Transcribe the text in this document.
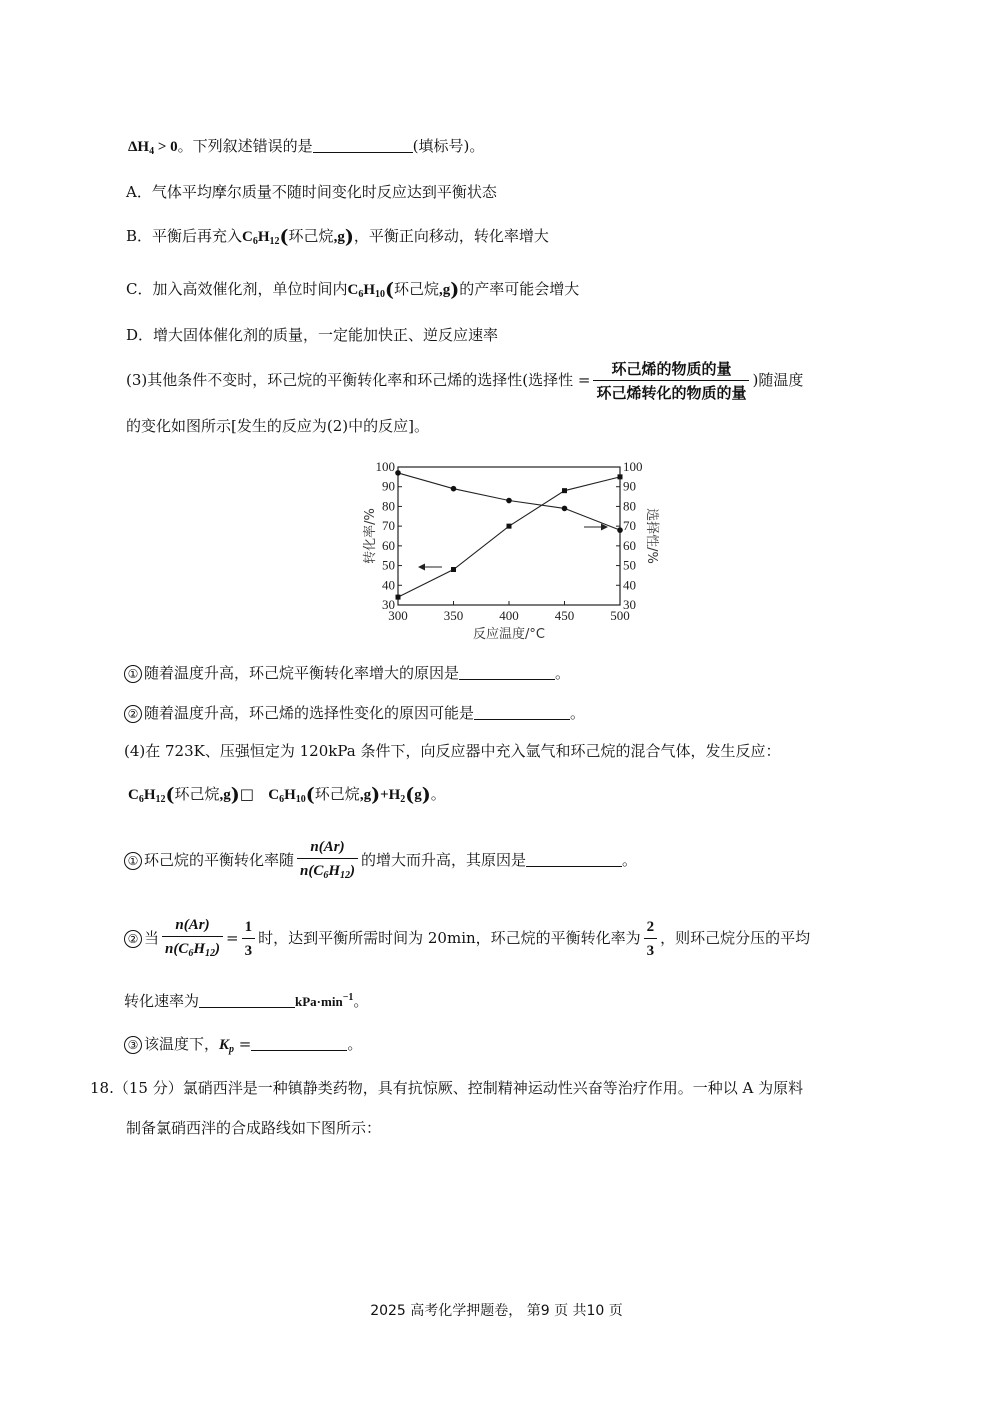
$\Delta H_4 > 0$。下列叙述错误的是	(填标号)。
A．气体平均摩尔质量不随时间变化时反应达到平衡状态
B．平衡后再充入$C_6H_{12}$(环己烷,g)，平衡正向移动，转化率增大
C．加入高效催化剂，单位时间内$C_6H_{10}$(环己烷,g)的产率可能会增大
D．增大固体催化剂的质量，一定能加快正、逆反应速率
(3)其他条件不变时，环己烷的平衡转化率和环己烯的选择性(选择性 = $\frac{\text{环己烯的物质的量}}{\text{环己烯转化的物质的量}}$ )随温度
的变化如图所示[发生的反应为(2)中的反应]。
30	30
40	40
50	50
60	60
70	70
80	80
90	90
100	100
300	350	400	450	500
反应温度/°C
转化率/%	选择性/%
① 随着温度升高，环己烷平衡转化率增大的原因是	。
② 随着温度升高，环己烯的选择性变化的原因可能是	。
(4)在 723K、压强恒定为 120kPa 条件下，向反应器中充入氩气和环己烷的混合气体，发生反应：
$C_6H_{12}$(环己烷,g)□ $C_6H_{10}$(环己烷$,g)+H_2(g)$。
① 环己烷的平衡转化率随 $\frac{n(Ar)}{n(C_6H_{12})}$ 的增大而升高，其原因是	。
② 当 $\frac{n(Ar)}{n(C_6H_{12})} = \frac{1}{3}$ 时，达到平衡所需时间为 20min，环己烷的平衡转化率为 $\frac{2}{3}$ ，则环己烷分压的平均
转化速率为	$kPa\cdot\min^{-1}$。
③ 该温度下，$K_p$ =	。
18.（15 分）氯硝西泮是一种镇静类药物，具有抗惊厥、控制精神运动性兴奋等治疗作用。一种以 A 为原料
制备氯硝西泮的合成路线如下图所示：
2025 高考化学押题卷， 第9 页 共10 页
